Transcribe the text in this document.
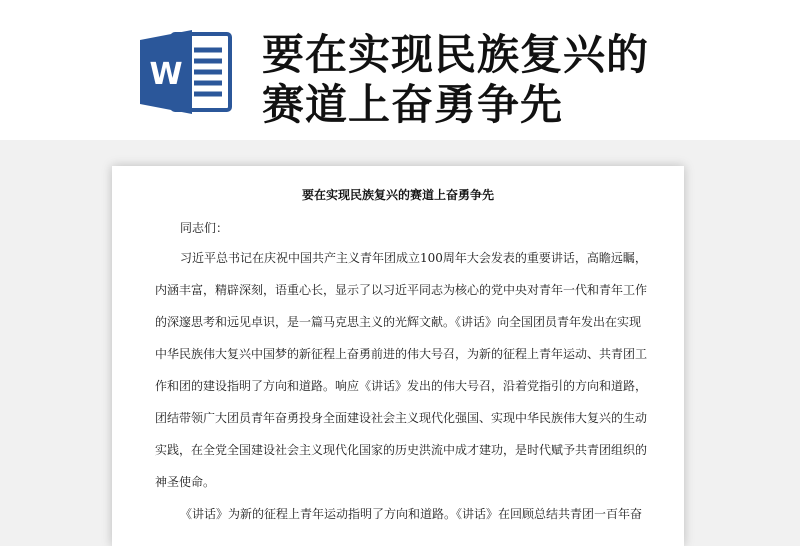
W 要在实现民族复兴的
赛道上奋勇争先
要在实现民族复兴的赛道上奋勇争先
同志们：
习近平总书记在庆祝中国共产主义青年团成立100周年大会发表的重要讲话，高瞻远瞩，
内涵丰富，精辟深刻，语重心长，显示了以习近平同志为核心的党中央对青年一代和青年工作
的深邃思考和远见卓识，是一篇马克思主义的光辉文献。《讲话》向全国团员青年发出在实现
中华民族伟大复兴中国梦的新征程上奋勇前进的伟大号召，为新的征程上青年运动、共青团工
作和团的建设指明了方向和道路。响应《讲话》发出的伟大号召，沿着党指引的方向和道路，
团结带领广大团员青年奋勇投身全面建设社会主义现代化强国、实现中华民族伟大复兴的生动
实践，在全党全国建设社会主义现代化国家的历史洪流中成才建功，是时代赋予共青团组织的
神圣使命。
《讲话》为新的征程上青年运动指明了方向和道路。《讲话》在回顾总结共青团一百年奋
